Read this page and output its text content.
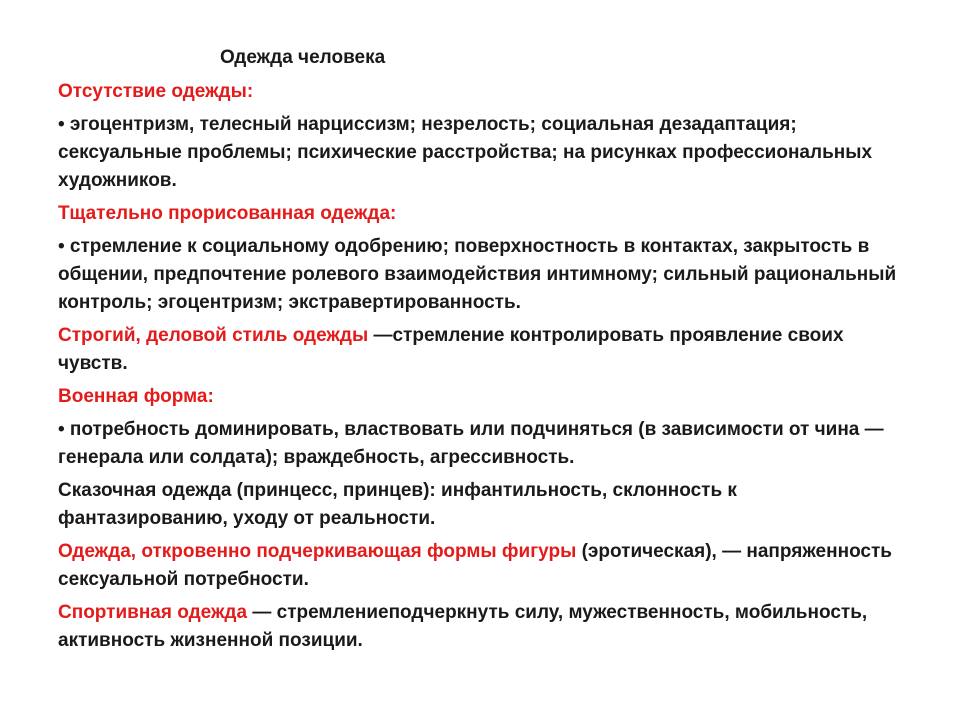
Одежда человека

Отсутствие одежды:

• эгоцентризм, телесный нарциссизм; незрелость; социальная дезадаптация; сексуальные проблемы; психические расстройства; на рисунках профессиональных художников.

Тщательно прорисованная одежда:

• стремление к социальному одобрению; поверхностность в контактах, закрытость в общении, предпочтение ролевого взаимодействия интимному; сильный рациональный контроль; эгоцентризм; экстравертированность.

Строгий, деловой стиль одежды —стремление контролировать проявление своих чувств.

Военная форма:

• потребность доминировать, властвовать или подчиняться (в зависимости от чина — генерала или солдата); враждебность, агрессивность.

Сказочная одежда (принцесс, принцев): инфантильность, склонность к фантазированию, уходу от реальности.

Одежда, откровенно подчеркивающая формы фигуры (эротическая), — напряженность сексуальной потребности.

Спортивная одежда — стремлениеподчеркнуть силу, мужественность, мобильность, активность жизненной позиции.
